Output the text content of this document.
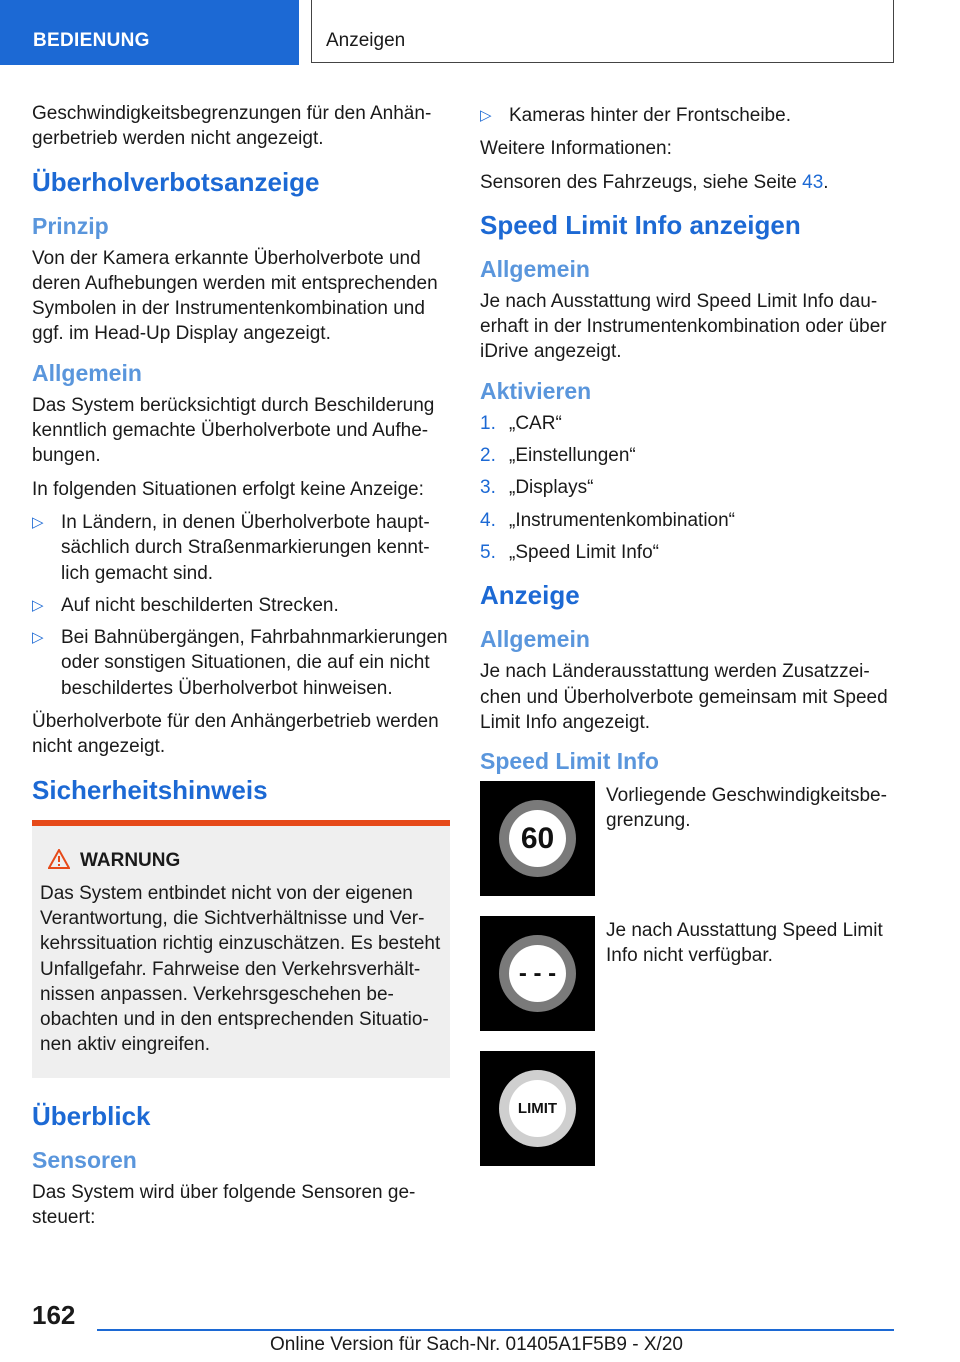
BEDIENUNG	Anzeigen

Geschwindigkeitsbegrenzungen für den Anhängerbetrieb werden nicht angezeigt.

Überholverbotsanzeige
Prinzip

Von der Kamera erkannte Überholverbote und deren Aufhebungen werden mit entsprechenden Symbolen in der Instrumentenkombination und ggf. im Head-Up Display angezeigt.

Allgemein

Das System berücksichtigt durch Beschilderung kenntlich gemachte Überholverbote und Aufhebungen.

In folgenden Situationen erfolgt keine Anzeige:

▷ In Ländern, in denen Überholverbote hauptsächlich durch Straßenmarkierungen kenntlich gemacht sind.
▷ Auf nicht beschilderten Strecken.
▷ Bei Bahnübergängen, Fahrbahnmarkierungen oder sonstigen Situationen, die auf ein nicht beschildertes Überholverbot hinweisen.

Überholverbote für den Anhängerbetrieb werden nicht angezeigt.

Sicherheitshinweis
WARNUNG

Das System entbindet nicht von der eigenen Verantwortung, die Sichtverhältnisse und Verkehrssituation richtig einzuschätzen. Es besteht Unfallgefahr. Fahrweise den Verkehrsverhältnissen anpassen. Verkehrsgeschehen beobachten und in den entsprechenden Situationen aktiv eingreifen.

Überblick
Sensoren

Das System wird über folgende Sensoren gesteuert:

▷ Kameras hinter der Frontscheibe.

Weitere Informationen:

Sensoren des Fahrzeugs, siehe Seite 43.

Speed Limit Info anzeigen
Allgemein

Je nach Ausstattung wird Speed Limit Info dauerhaft in der Instrumentenkombination oder über iDrive angezeigt.

Aktivieren
1. „CAR“
2. „Einstellungen“
3. „Displays“
4. „Instrumentenkombination“
5. „Speed Limit Info“
Anzeige
Allgemein

Je nach Länderausstattung werden Zusatzzeichen und Überholverbote gemeinsam mit Speed Limit Info angezeigt.

Speed Limit Info
60
Vorliegende Geschwindigkeitsbegrenzung.
- - -
Je nach Ausstattung Speed Limit Info nicht verfügbar.
LIMIT
162
Online Version für Sach-Nr. 01405A1F5B9 - X/20
